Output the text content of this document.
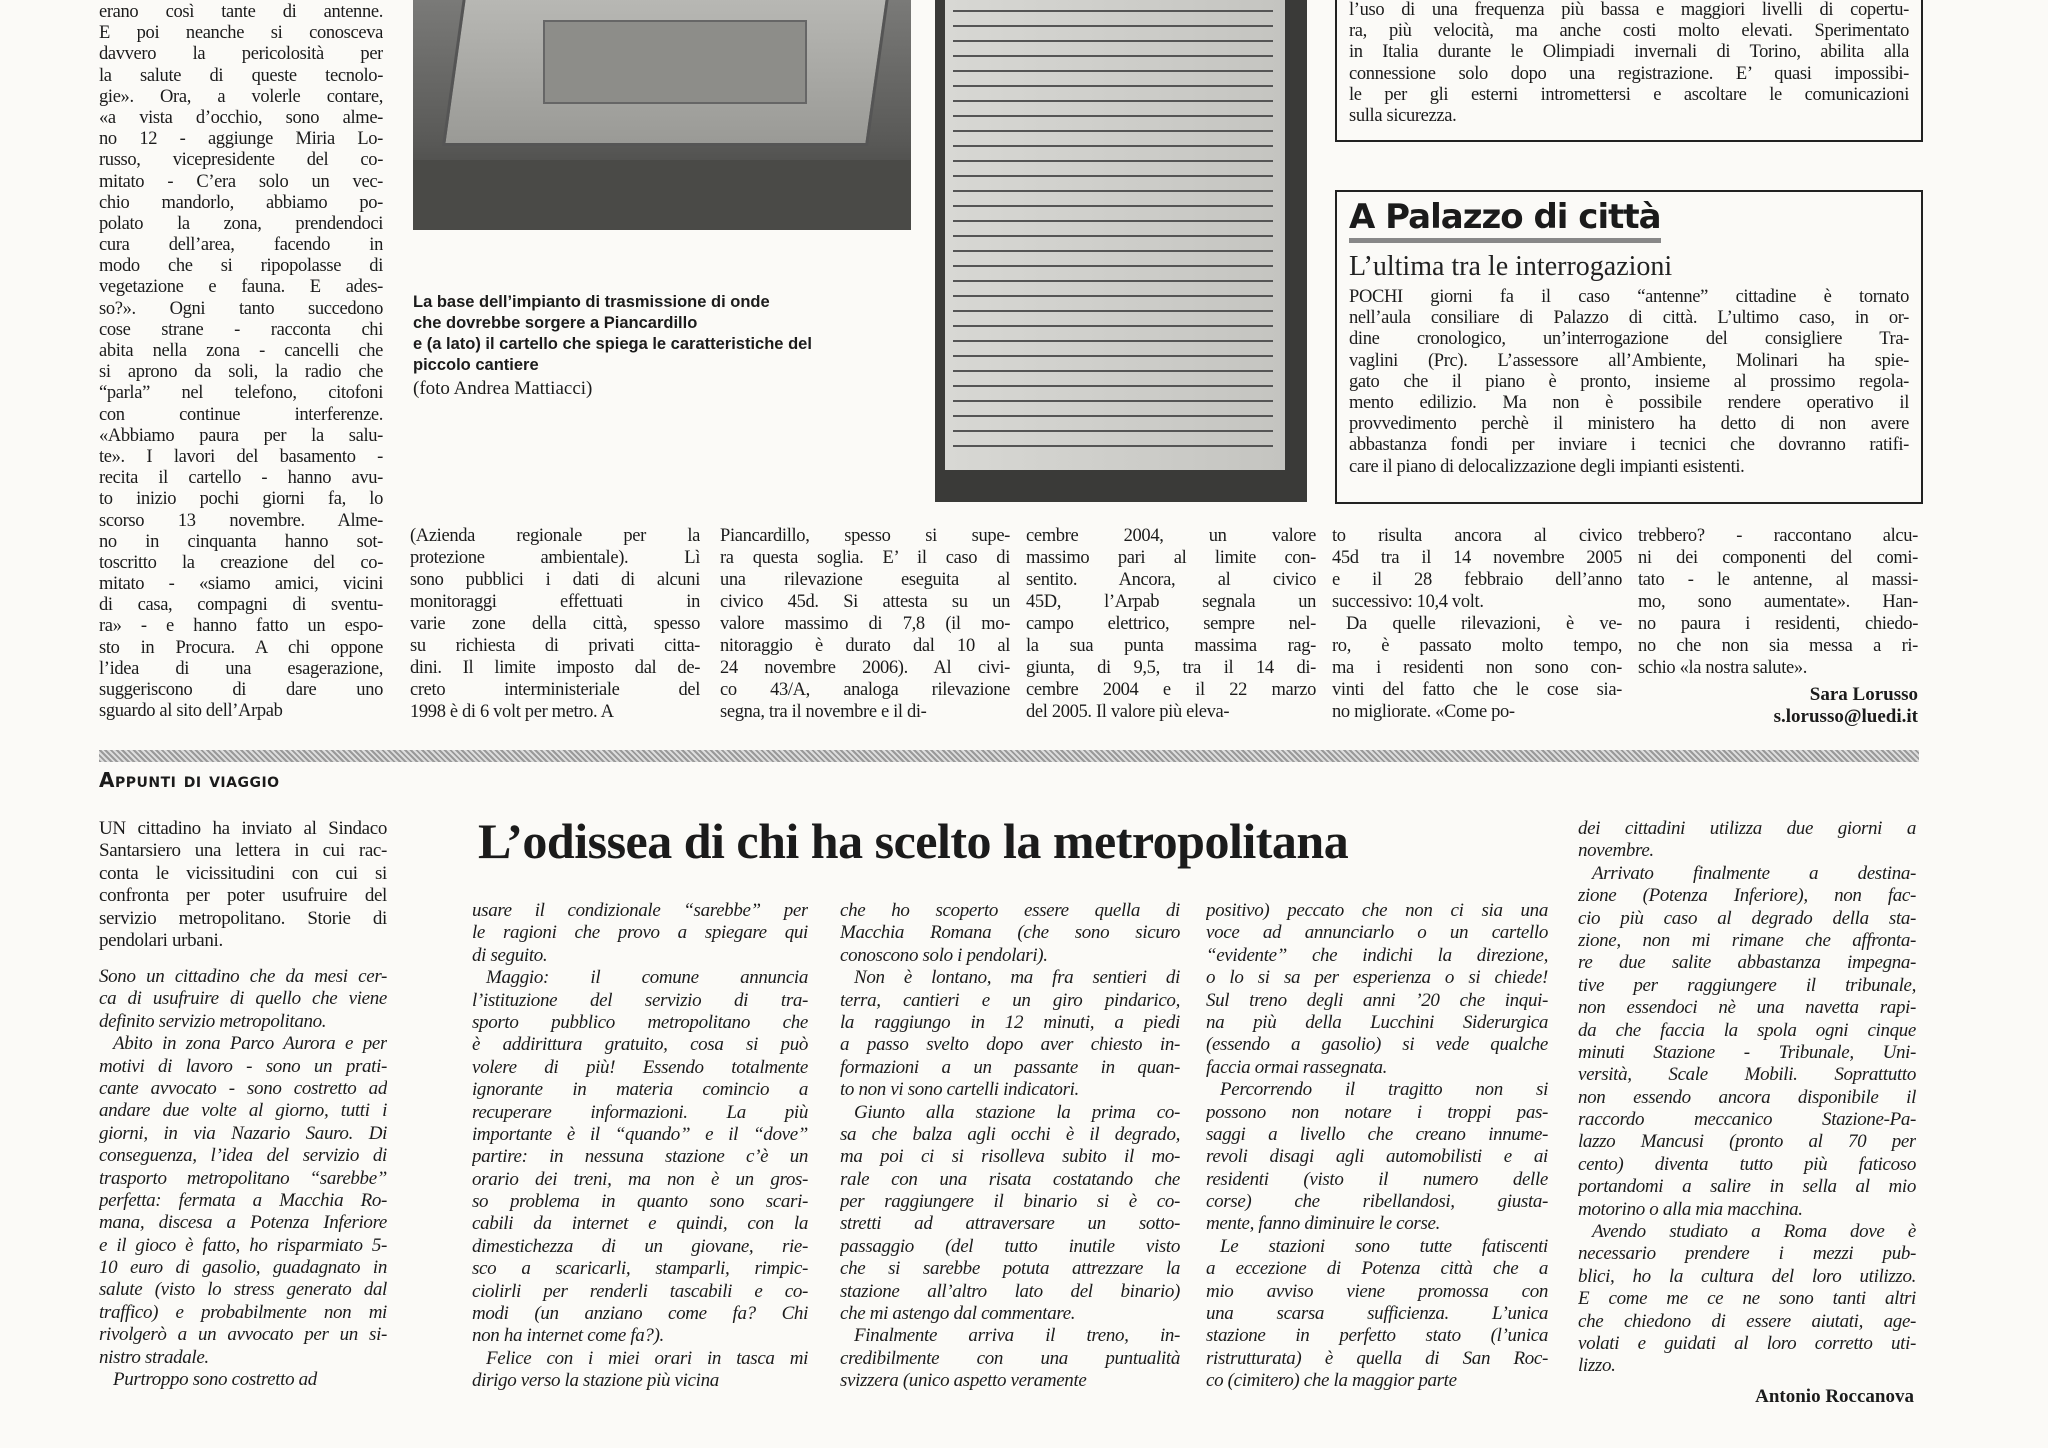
erano così tante di antenne.
E poi neanche si conosceva
davvero la pericolosità per
la salute di queste tecnolo-
gie». Ora, a volerle contare,
«a vista d’occhio, sono alme-
no 12 - aggiunge Miria Lo-
russo, vicepresidente del co-
mitato - C’era solo un vec-
chio mandorlo, abbiamo po-
polato la zona, prendendoci
cura dell’area, facendo in
modo che si ripopolasse di
vegetazione e fauna. E ades-
so?». Ogni tanto succedono
cose strane - racconta chi
abita nella zona - cancelli che
si aprono da soli, la radio che
“parla” nel telefono, citofoni
con continue interferenze.
«Abbiamo paura per la salu-
te». I lavori del basamento -
recita il cartello - hanno avu-
to inizio pochi giorni fa, lo
scorso 13 novembre. Alme-
no in cinquanta hanno sot-
toscritto la creazione del co-
mitato - «siamo amici, vicini
di casa, compagni di sventu-
ra» - e hanno fatto un espo-
sto in Procura. A chi oppone
l’idea di una esagerazione,
suggeriscono di dare uno
sguardo al sito dell’Arpab
La base dell’impianto di trasmissione di onde
che dovrebbe sorgere a Piancardillo
e (a lato) il cartello che spiega le caratteristiche del
piccolo cantiere
(foto Andrea Mattiacci)
l’uso di una frequenza più bassa e maggiori livelli di copertu-
ra, più velocità, ma anche costi molto elevati. Sperimentato
in Italia durante le Olimpiadi invernali di Torino, abilita alla
connessione solo dopo una registrazione. E’ quasi impossibi-
le per gli esterni intromettersi e ascoltare le comunicazioni
sulla sicurezza.
A Palazzo di città
L’ultima tra le interrogazioni
POCHI giorni fa il caso “antenne” cittadine è tornato
nell’aula consiliare di Palazzo di città. L’ultimo caso, in or-
dine cronologico, un’interrogazione del consigliere Tra-
vaglini (Prc). L’assessore all’Ambiente, Molinari ha spie-
gato che il piano è pronto, insieme al prossimo regola-
mento edilizio. Ma non è possibile rendere operativo il
provvedimento perchè il ministero ha detto di non avere
abbastanza fondi per inviare i tecnici che dovranno ratifi-
care il piano di delocalizzazione degli impianti esistenti.
(Azienda regionale per la
protezione ambientale). Lì
sono pubblici i dati di alcuni
monitoraggi effettuati in
varie zone della città, spesso
su richiesta di privati citta-
dini. Il limite imposto dal de-
creto interministeriale del
1998 è di 6 volt per metro. A
Piancardillo, spesso si supe-
ra questa soglia. E’ il caso di
una rilevazione eseguita al
civico 45d. Si attesta su un
valore massimo di 7,8 (il mo-
nitoraggio è durato dal 10 al
24 novembre 2006). Al civi-
co 43/A, analoga rilevazione
segna, tra il novembre e il di-
cembre 2004, un valore
massimo pari al limite con-
sentito. Ancora, al civico
45D, l’Arpab segnala un
campo elettrico, sempre nel-
la sua punta massima rag-
giunta, di 9,5, tra il 14 di-
cembre 2004 e il 22 marzo
del 2005. Il valore più eleva-
to risulta ancora al civico
45d tra il 14 novembre 2005
e il 28 febbraio dell’anno
successivo: 10,4 volt.
Da quelle rilevazioni, è ve-
ro, è passato molto tempo,
ma i residenti non sono con-
vinti del fatto che le cose sia-
no migliorate. «Come po-
trebbero? - raccontano alcu-
ni dei componenti del comi-
tato - le antenne, al massi-
mo, sono aumentate». Han-
no paura i residenti, chiedo-
no che non sia messa a ri-
schio «la nostra salute».
Sara Lorusso
s.lorusso@luedi.it
Appunti di viaggio
L’odissea di chi ha scelto la metropolitana
UN cittadino ha inviato al Sindaco
Santarsiero una lettera in cui rac-
conta le vicissitudini con cui si
confronta per poter usufruire del
servizio metropolitano. Storie di
pendolari urbani.
Sono un cittadino che da mesi cer-
ca di usufruire di quello che viene
definito servizio metropolitano.
Abito in zona Parco Aurora e per
motivi di lavoro - sono un prati-
cante avvocato - sono costretto ad
andare due volte al giorno, tutti i
giorni, in via Nazario Sauro. Di
conseguenza, l’idea del servizio di
trasporto metropolitano “sarebbe”
perfetta: fermata a Macchia Ro-
mana, discesa a Potenza Inferiore
e il gioco è fatto, ho risparmiato 5-
10 euro di gasolio, guadagnato in
salute (visto lo stress generato dal
traffico) e probabilmente non mi
rivolgerò a un avvocato per un si-
nistro stradale.
Purtroppo sono costretto ad
usare il condizionale “sarebbe” per
le ragioni che provo a spiegare qui
di seguito.
Maggio: il comune annuncia
l’istituzione del servizio di tra-
sporto pubblico metropolitano che
è addirittura gratuito, cosa si può
volere di più! Essendo totalmente
ignorante in materia comincio a
recuperare informazioni. La più
importante è il “quando” e il “dove”
partire: in nessuna stazione c’è un
orario dei treni, ma non è un gros-
so problema in quanto sono scari-
cabili da internet e quindi, con la
dimestichezza di un giovane, rie-
sco a scaricarli, stamparli, rimpic-
ciolirli per renderli tascabili e co-
modi (un anziano come fa? Chi
non ha internet come fa?).
Felice con i miei orari in tasca mi
dirigo verso la stazione più vicina
che ho scoperto essere quella di
Macchia Romana (che sono sicuro
conoscono solo i pendolari).
Non è lontano, ma fra sentieri di
terra, cantieri e un giro pindarico,
la raggiungo in 12 minuti, a piedi
a passo svelto dopo aver chiesto in-
formazioni a un passante in quan-
to non vi sono cartelli indicatori.
Giunto alla stazione la prima co-
sa che balza agli occhi è il degrado,
ma poi ci si risolleva subito il mo-
rale con una risata costatando che
per raggiungere il binario si è co-
stretti ad attraversare un sotto-
passaggio (del tutto inutile visto
che si sarebbe potuta attrezzare la
stazione all’altro lato del binario)
che mi astengo dal commentare.
Finalmente arriva il treno, in-
credibilmente con una puntualità
svizzera (unico aspetto veramente
positivo) peccato che non ci sia una
voce ad annunciarlo o un cartello
“evidente” che indichi la direzione,
o lo si sa per esperienza o si chiede!
Sul treno degli anni ’20 che inqui-
na più della Lucchini Siderurgica
(essendo a gasolio) si vede qualche
faccia ormai rassegnata.
Percorrendo il tragitto non si
possono non notare i troppi pas-
saggi a livello che creano innume-
revoli disagi agli automobilisti e ai
residenti (visto il numero delle
corse) che ribellandosi, giusta-
mente, fanno diminuire le corse.
Le stazioni sono tutte fatiscenti
a eccezione di Potenza città che a
mio avviso viene promossa con
una scarsa sufficienza. L’unica
stazione in perfetto stato (l’unica
ristrutturata) è quella di San Roc-
co (cimitero) che la maggior parte
dei cittadini utilizza due giorni a
novembre.
Arrivato finalmente a destina-
zione (Potenza Inferiore), non fac-
cio più caso al degrado della sta-
zione, non mi rimane che affronta-
re due salite abbastanza impegna-
tive per raggiungere il tribunale,
non essendoci nè una navetta rapi-
da che faccia la spola ogni cinque
minuti Stazione - Tribunale, Uni-
versità, Scale Mobili. Soprattutto
non essendo ancora disponibile il
raccordo meccanico Stazione-Pa-
lazzo Mancusi (pronto al 70 per
cento) diventa tutto più faticoso
portandomi a salire in sella al mio
motorino o alla mia macchina.
Avendo studiato a Roma dove è
necessario prendere i mezzi pub-
blici, ho la cultura del loro utilizzo.
E come me ce ne sono tanti altri
che chiedono di essere aiutati, age-
volati e guidati al loro corretto uti-
lizzo.
Antonio Roccanova
